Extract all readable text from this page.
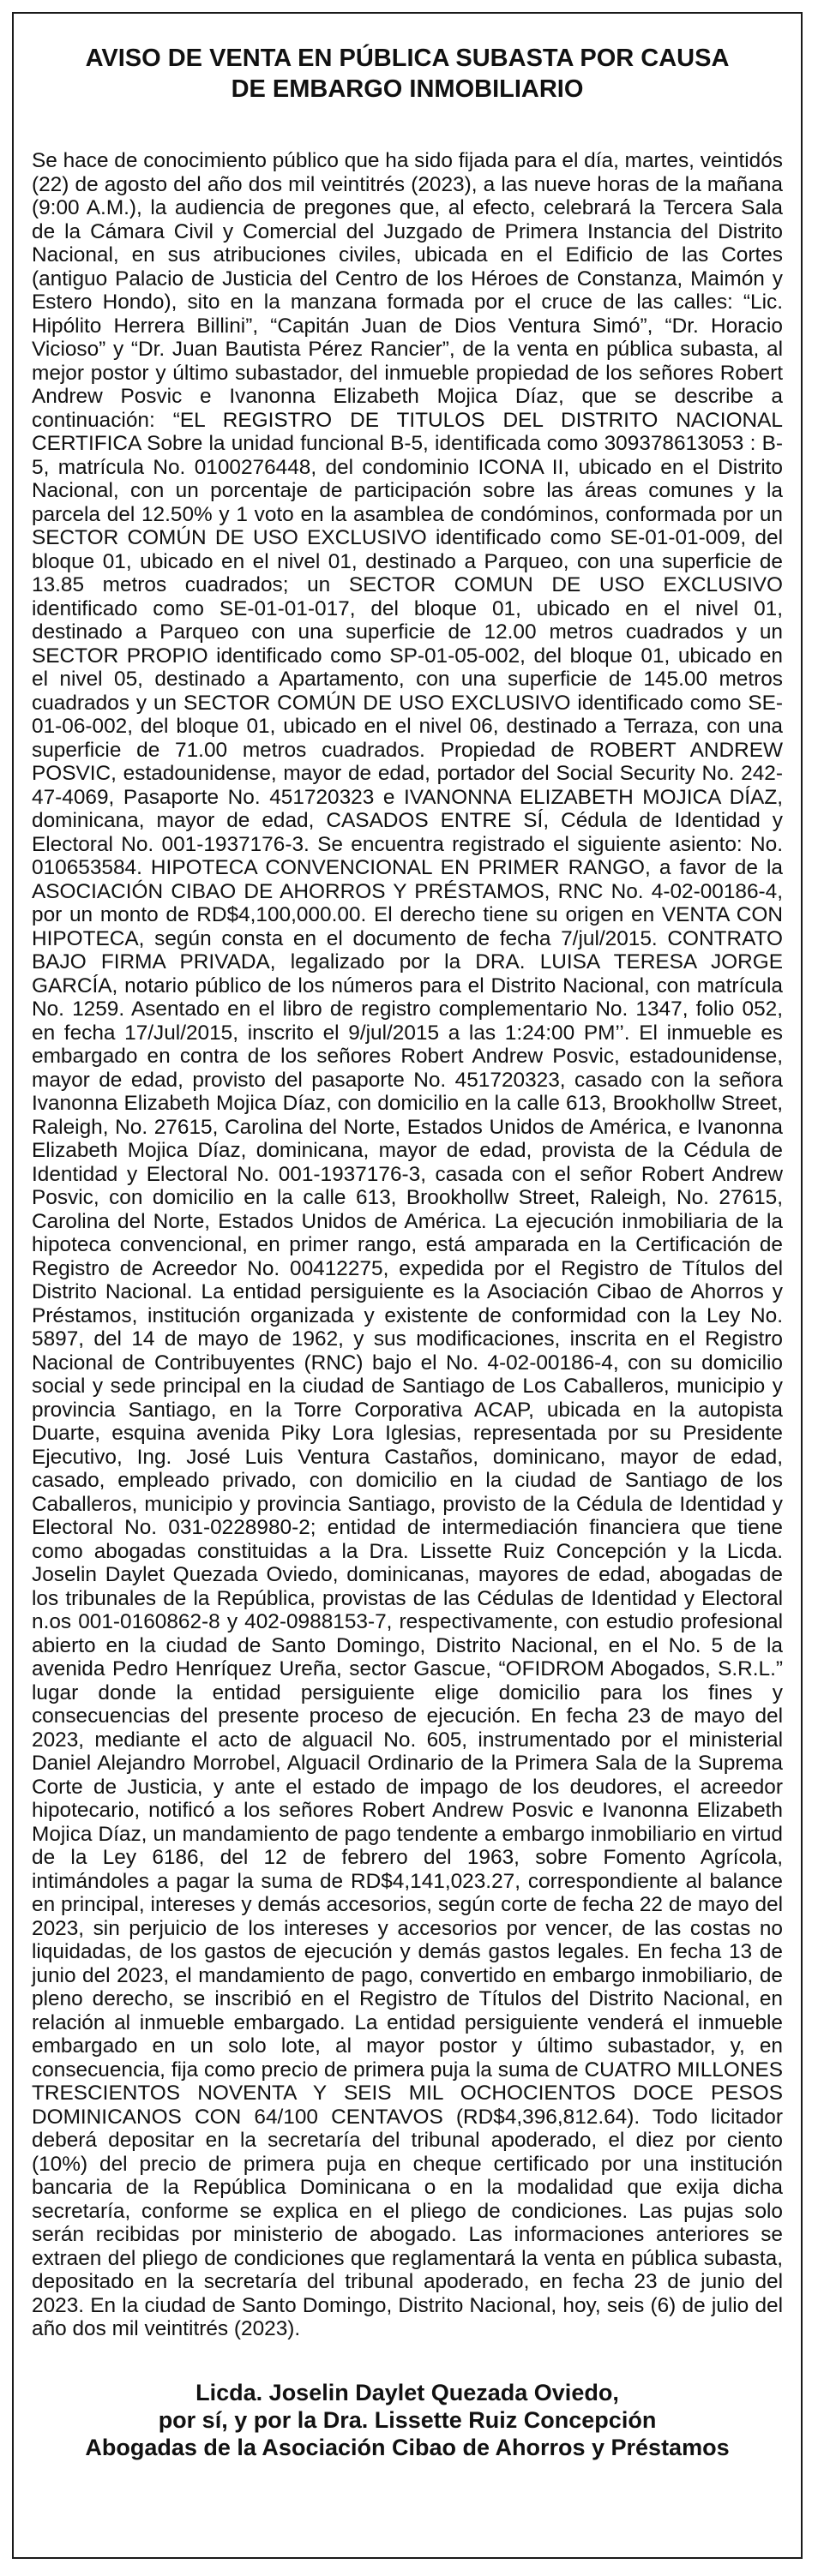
AVISO DE VENTA EN PÚBLICA SUBASTA POR CAUSA
DE EMBARGO INMOBILIARIO

Se hace de conocimiento público que ha sido fijada para el día, martes, veintidós (22) de agosto del año dos mil veintitrés (2023), a las nueve horas de la mañana (9:00 A.M.), la audiencia de pregones que, al efecto, celebrará la Tercera Sala de la Cámara Civil y Comercial del Juzgado de Primera Instancia del Distrito Nacional, en sus atribuciones civiles, ubicada en el Edificio de las Cortes (antiguo Palacio de Justicia del Centro de los Héroes de Constanza, Maimón y Estero Hondo), sito en la manzana formada por el cruce de las calles: “Lic. Hipólito Herrera Billini”, “Capitán Juan de Dios Ventura Simó”, “Dr. Horacio Vicioso” y “Dr. Juan Bautista Pérez Rancier”, de la venta en pública subasta, al mejor postor y último subastador, del inmueble propiedad de los señores Robert Andrew Posvic e Ivanonna Elizabeth Mojica Díaz, que se describe a continuación: “EL REGISTRO DE TITULOS DEL DISTRITO NACIONAL CERTIFICA Sobre la unidad funcional B-5, identificada como 309378613053 : B-5, matrícula No. 0100276448, del condominio ICONA II, ubicado en el Distrito Nacional, con un porcentaje de participación sobre las áreas comunes y la parcela del 12.50% y 1 voto en la asamblea de condóminos, conformada por un SECTOR COMÚN DE USO EXCLUSIVO identificado como SE-01-01-009, del bloque 01, ubicado en el nivel 01, destinado a Parqueo, con una superficie de 13.85 metros cuadrados; un SECTOR COMUN DE USO EXCLUSIVO identificado como SE-01-01-017, del bloque 01, ubicado en el nivel 01, destinado a Parqueo con una superficie de 12.00 metros cuadrados y un SECTOR PROPIO identificado como SP-01-05-002, del bloque 01, ubicado en el nivel 05, destinado a Apartamento, con una superficie de 145.00 metros cuadrados y un SECTOR COMÚN DE USO EXCLUSIVO identificado como SE-01-06-002, del bloque 01, ubicado en el nivel 06, destinado a Terraza, con una superficie de 71.00 metros cuadrados. Propiedad de ROBERT ANDREW POSVIC, estadounidense, mayor de edad, portador del Social Security No. 242-47-4069, Pasaporte No. 451720323 e IVANONNA ELIZABETH MOJICA DÍAZ, dominicana, mayor de edad, CASADOS ENTRE SÍ, Cédula de Identidad y Electoral No. 001-1937176-3. Se encuentra registrado el siguiente asiento: No. 010653584. HIPOTECA CONVENCIONAL EN PRIMER RANGO, a favor de la ASOCIACIÓN CIBAO DE AHORROS Y PRÉSTAMOS, RNC No. 4-02-00186-4, por un monto de RD$4,100,000.00. El derecho tiene su origen en VENTA CON HIPOTECA, según consta en el documento de fecha 7/jul/2015. CONTRATO BAJO FIRMA PRIVADA, legalizado por la DRA. LUISA TERESA JORGE GARCÍA, notario público de los números para el Distrito Nacional, con matrícula No. 1259. Asentado en el libro de registro complementario No. 1347, folio 052, en fecha 17/Jul/2015, inscrito el 9/jul/2015 a las 1:24:00 PM’’. El inmueble es embargado en contra de los señores Robert Andrew Posvic, estadounidense, mayor de edad, provisto del pasaporte No. 451720323, casado con la señora Ivanonna Elizabeth Mojica Díaz, con domicilio en la calle 613, Brookhollw Street, Raleigh, No. 27615, Carolina del Norte, Estados Unidos de América, e Ivanonna Elizabeth Mojica Díaz, dominicana, mayor de edad, provista de la Cédula de Identidad y Electoral No. 001-1937176-3, casada con el señor Robert Andrew Posvic, con domicilio en la calle 613, Brookhollw Street, Raleigh, No. 27615, Carolina del Norte, Estados Unidos de América. La ejecución inmobiliaria de la hipoteca convencional, en primer rango, está amparada en la Certificación de Registro de Acreedor No. 00412275, expedida por el Registro de Títulos del Distrito Nacional. La entidad persiguiente es la Asociación Cibao de Ahorros y Préstamos, institución organizada y existente de conformidad con la Ley No. 5897, del 14 de mayo de 1962, y sus modificaciones, inscrita en el Registro Nacional de Contribuyentes (RNC) bajo el No. 4-02-00186-4, con su domicilio social y sede principal en la ciudad de Santiago de Los Caballeros, municipio y provincia Santiago, en la Torre Corporativa ACAP, ubicada en la autopista Duarte, esquina avenida Piky Lora Iglesias, representada por su Presidente Ejecutivo, Ing. José Luis Ventura Castaños, dominicano, mayor de edad, casado, empleado privado, con domicilio en la ciudad de Santiago de los Caballeros, municipio y provincia Santiago, provisto de la Cédula de Identidad y Electoral No. 031-0228980-2; entidad de intermediación financiera que tiene como abogadas constituidas a la Dra. Lissette Ruiz Concepción y la Licda. Joselin Daylet Quezada Oviedo, dominicanas, mayores de edad, abogadas de los tribunales de la República, provistas de las Cédulas de Identidad y Electoral n.os 001-0160862-8 y 402-0988153-7, respectivamente, con estudio profesional abierto en la ciudad de Santo Domingo, Distrito Nacional, en el No. 5 de la avenida Pedro Henríquez Ureña, sector Gascue, “OFIDROM Abogados, S.R.L.” lugar donde la entidad persiguiente elige domicilio para los fines y consecuencias del presente proceso de ejecución. En fecha 23 de mayo del 2023, mediante el acto de alguacil No. 605, instrumentado por el ministerial Daniel Alejandro Morrobel, Alguacil Ordinario de la Primera Sala de la Suprema Corte de Justicia, y ante el estado de impago de los deudores, el acreedor hipotecario, notificó a los señores Robert Andrew Posvic e Ivanonna Elizabeth Mojica Díaz, un mandamiento de pago tendente a embargo inmobiliario en virtud de la Ley 6186, del 12 de febrero del 1963, sobre Fomento Agrícola, intimándoles a pagar la suma de RD$4,141,023.27, correspondiente al balance en principal, intereses y demás accesorios, según corte de fecha 22 de mayo del 2023, sin perjuicio de los intereses y accesorios por vencer, de las costas no liquidadas, de los gastos de ejecución y demás gastos legales. En fecha 13 de junio del 2023, el mandamiento de pago, convertido en embargo inmobiliario, de pleno derecho, se inscribió en el Registro de Títulos del Distrito Nacional, en relación al inmueble embargado. La entidad persiguiente venderá el inmueble embargado en un solo lote, al mayor postor y último subastador, y, en consecuencia, fija como precio de primera puja la suma de CUATRO MILLONES TRESCIENTOS NOVENTA Y SEIS MIL OCHOCIENTOS DOCE PESOS DOMINICANOS CON 64/100 CENTAVOS (RD$4,396,812.64). Todo licitador deberá depositar en la secretaría del tribunal apoderado, el diez por ciento (10%) del precio de primera puja en cheque certificado por una institución bancaria de la República Dominicana o en la modalidad que exija dicha secretaría, conforme se explica en el pliego de condiciones. Las pujas solo serán recibidas por ministerio de abogado. Las informaciones anteriores se extraen del pliego de condiciones que reglamentará la venta en pública subasta, depositado en la secretaría del tribunal apoderado, en fecha 23 de junio del 2023. En la ciudad de Santo Domingo, Distrito Nacional, hoy, seis (6) de julio del año dos mil veintitrés (2023).

Licda. Joselin Daylet Quezada Oviedo,
por sí, y por la Dra. Lissette Ruiz Concepción
Abogadas de la Asociación Cibao de Ahorros y Préstamos
